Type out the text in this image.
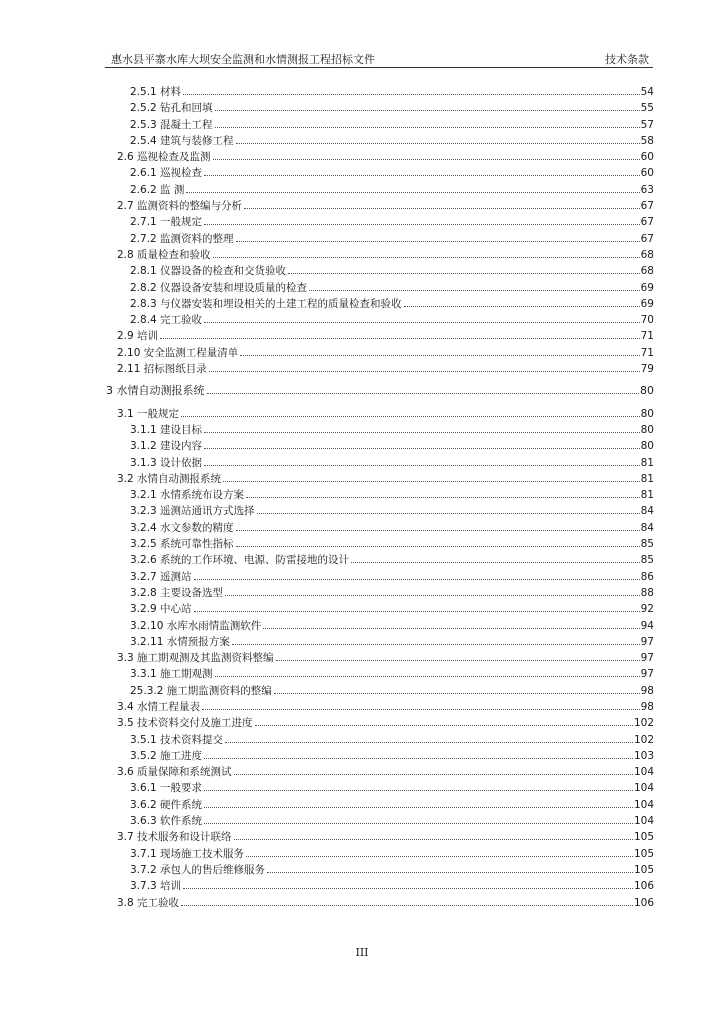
惠水县平寨水库大坝安全监测和水情测报工程招标文件	技术条款
2.5.1 材料	54
2.5.2 钻孔和回填	55
2.5.3 混凝土工程	57
2.5.4 建筑与装修工程	58
2.6 巡视检查及监测	60
2.6.1 巡视检查	60
2.6.2 监 测	63
2.7 监测资料的整编与分析	67
2.7.1 一般规定	67
2.7.2 监测资料的整理	67
2.8 质量检查和验收	68
2.8.1 仪器设备的检查和交货验收	68
2.8.2 仪器设备安装和埋设质量的检查	69
2.8.3 与仪器安装和埋设相关的土建工程的质量检查和验收	69
2.8.4 完工验收	70
2.9 培训	71
2.10 安全监测工程量清单	71
2.11 招标图纸目录	79
3 水情自动测报系统	80
3.1 一般规定	80
3.1.1 建设目标	80
3.1.2 建设内容	80
3.1.3 设计依据	81
3.2 水情自动测报系统	81
3.2.1 水情系统布设方案	81
3.2.3 遥测站通讯方式选择	84
3.2.4 水文参数的精度	84
3.2.5 系统可靠性指标	85
3.2.6 系统的工作环境、电源、防雷接地的设计	85
3.2.7 遥测站	86
3.2.8 主要设备选型	88
3.2.9 中心站	92
3.2.10 水库水雨情监测软件	94
3.2.11 水情预报方案	97
3.3 施工期观测及其监测资料整编	97
3.3.1 施工期观测	97
25.3.2 施工期监测资料的整编	98
3.4 水情工程量表	98
3.5 技术资料交付及施工进度	102
3.5.1 技术资料提交	102
3.5.2 施工进度	103
3.6 质量保障和系统测试	104
3.6.1 一般要求	104
3.6.2 硬件系统	104
3.6.3 软件系统	104
3.7 技术服务和设计联络	105
3.7.1 现场施工技术服务	105
3.7.2 承包人的售后维修服务	105
3.7.3 培训	106
3.8 完工验收	106
III
